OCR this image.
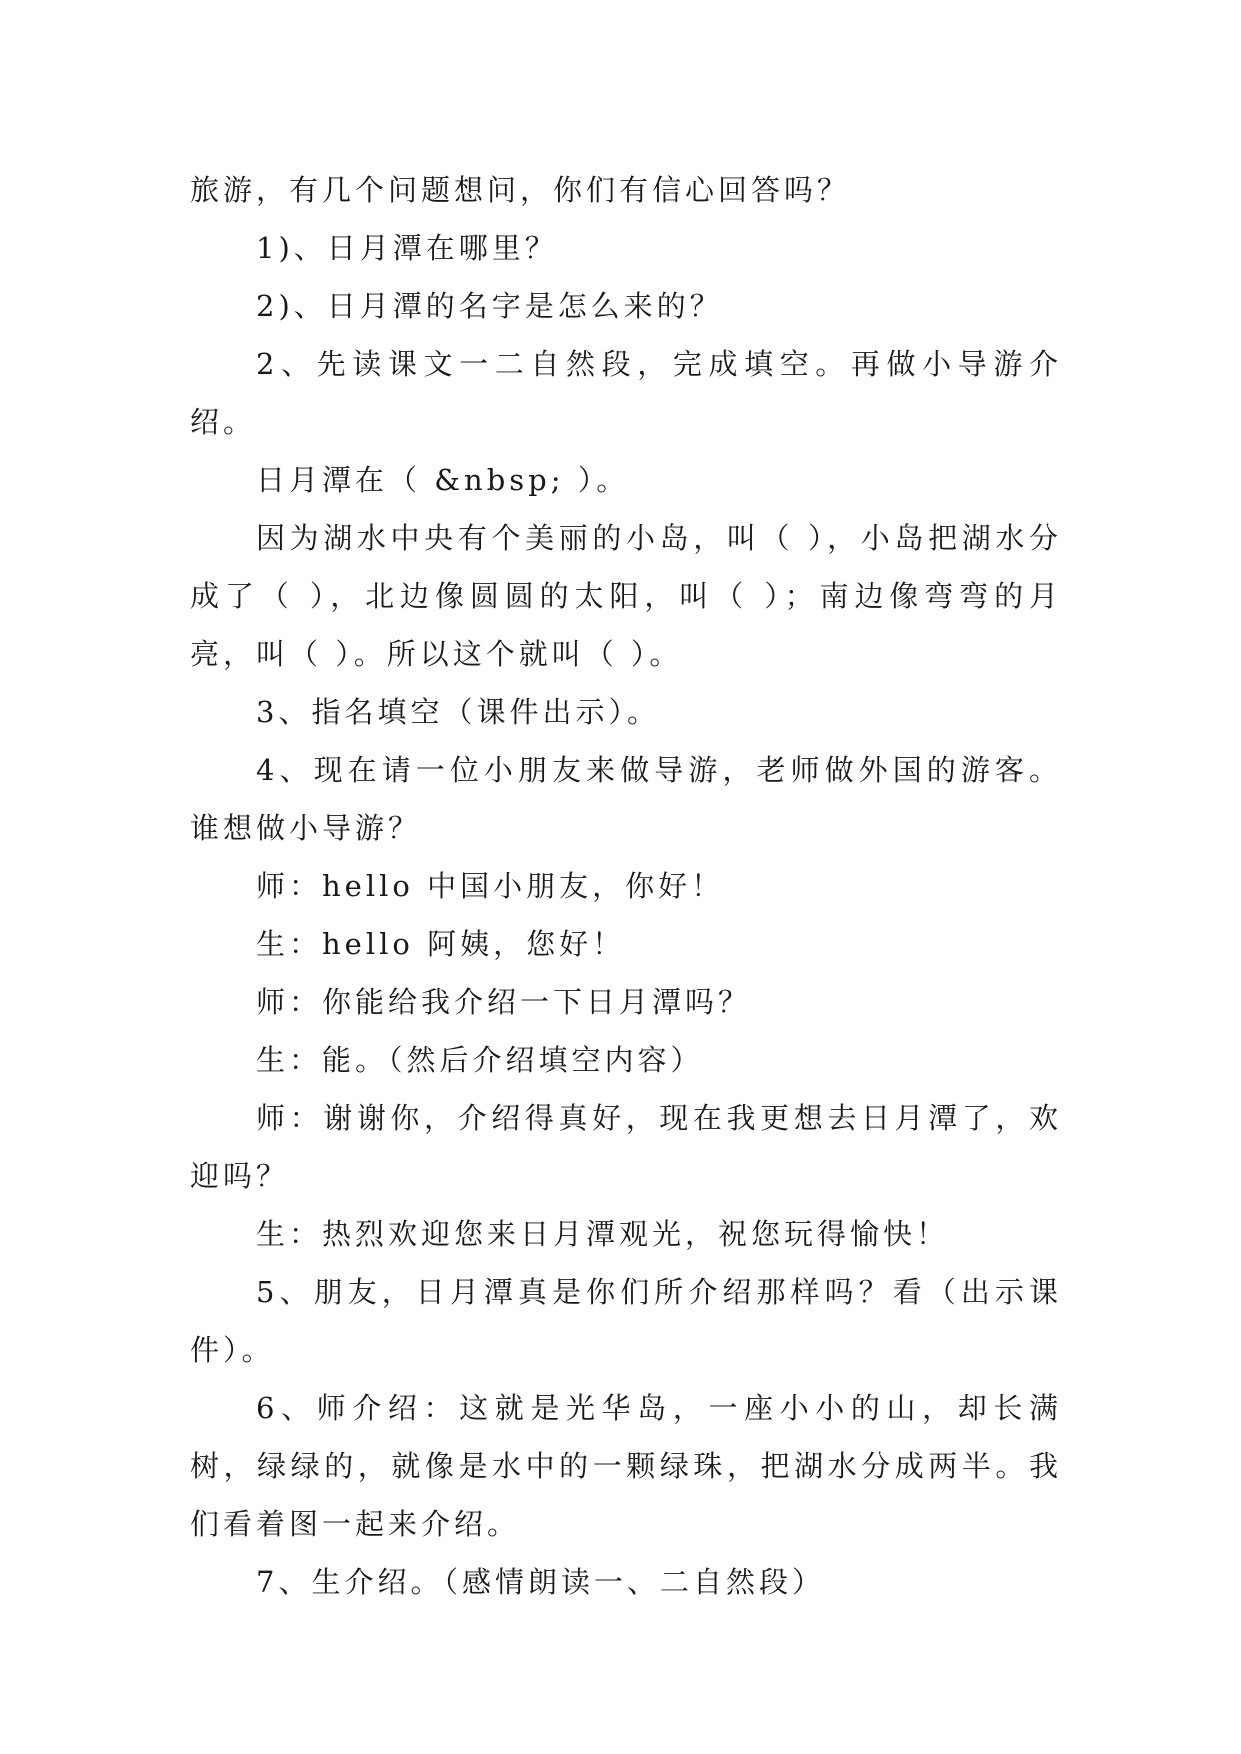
旅游，有几个问题想问，你们有信心回答吗？

1)、日月潭在哪里？

2)、日月潭的名字是怎么来的？

2、先读课文一二自然段，完成填空。再做小导游介绍。

日月潭在（ &nbsp; ）。

因为湖水中央有个美丽的小岛，叫（ ），小岛把湖水分成了（ ），北边像圆圆的太阳，叫（ ）；南边像弯弯的月亮，叫（ ）。所以这个就叫（ ）。

3、指名填空（课件出示）。

4、现在请一位小朋友来做导游，老师做外国的游客。谁想做小导游？

师：hello 中国小朋友，你好！

生：hello 阿姨，您好！

师：你能给我介绍一下日月潭吗？

生：能。（然后介绍填空内容）

师：谢谢你，介绍得真好，现在我更想去日月潭了，欢迎吗？

生：热烈欢迎您来日月潭观光，祝您玩得愉快！

5、朋友，日月潭真是你们所介绍那样吗？看（出示课件）。

6、师介绍：这就是光华岛，一座小小的山，却长满树，绿绿的，就像是水中的一颗绿珠，把湖水分成两半。我们看着图一起来介绍。

7、生介绍。（感情朗读一、二自然段）
